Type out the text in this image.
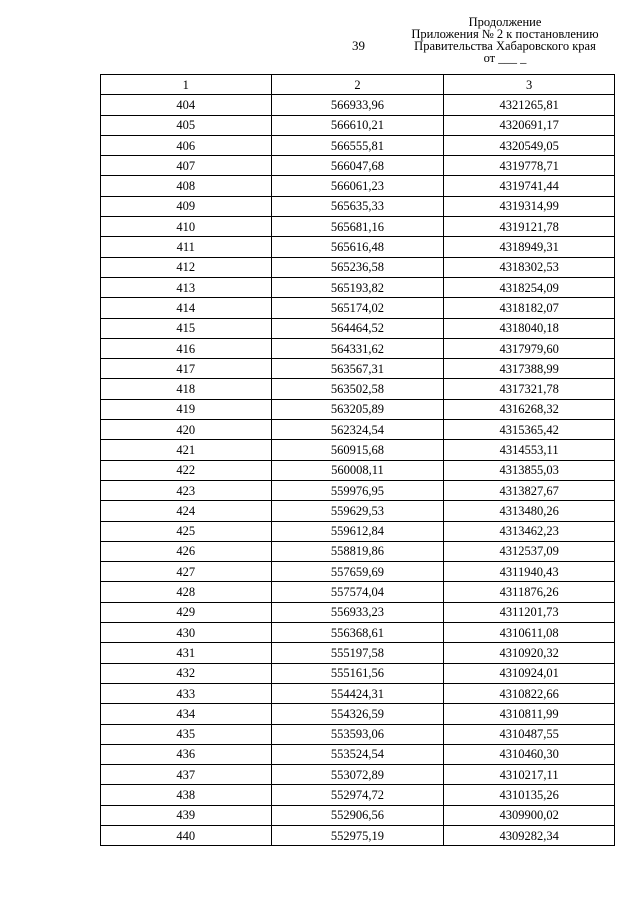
39
Продолжение
Приложения № 2 к постановлению
Правительства Хабаровского края
от ___ _
1	2	3
404	566933,96	4321265,81
405	566610,21	4320691,17
406	566555,81	4320549,05
407	566047,68	4319778,71
408	566061,23	4319741,44
409	565635,33	4319314,99
410	565681,16	4319121,78
411	565616,48	4318949,31
412	565236,58	4318302,53
413	565193,82	4318254,09
414	565174,02	4318182,07
415	564464,52	4318040,18
416	564331,62	4317979,60
417	563567,31	4317388,99
418	563502,58	4317321,78
419	563205,89	4316268,32
420	562324,54	4315365,42
421	560915,68	4314553,11
422	560008,11	4313855,03
423	559976,95	4313827,67
424	559629,53	4313480,26
425	559612,84	4313462,23
426	558819,86	4312537,09
427	557659,69	4311940,43
428	557574,04	4311876,26
429	556933,23	4311201,73
430	556368,61	4310611,08
431	555197,58	4310920,32
432	555161,56	4310924,01
433	554424,31	4310822,66
434	554326,59	4310811,99
435	553593,06	4310487,55
436	553524,54	4310460,30
437	553072,89	4310217,11
438	552974,72	4310135,26
439	552906,56	4309900,02
440	552975,19	4309282,34
